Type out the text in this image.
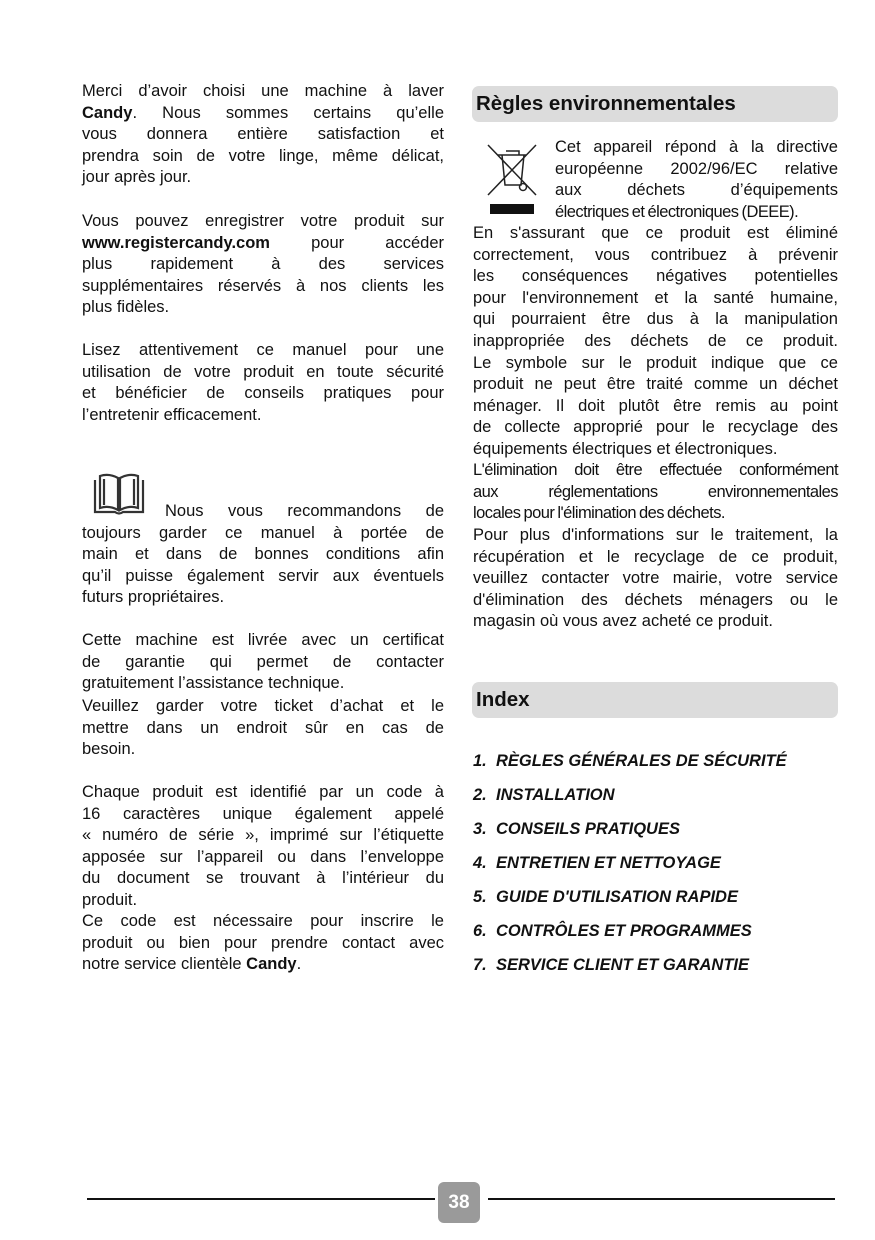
Merci d’avoir choisi une machine à laver
Candy. Nous sommes certains qu’elle
vous donnera entière satisfaction et
prendra soin de votre linge, même délicat,
jour après jour.
Vous pouvez enregistrer votre produit sur
www.registercandy.com pour accéder
plus rapidement à des services
supplémentaires réservés à nos clients les
plus fidèles.
Lisez attentivement ce manuel pour une
utilisation de votre produit en toute sécurité
et bénéficier de conseils pratiques pour
l’entretenir efficacement.
Nous vous recommandons de
toujours garder ce manuel à portée de
main et dans de bonnes conditions afin
qu’il puisse également servir aux éventuels
futurs propriétaires.
Cette machine est livrée avec un certificat
de garantie qui permet de contacter
gratuitement l’assistance technique.
Veuillez garder votre ticket d’achat et le
mettre dans un endroit sûr en cas de
besoin.
Chaque produit est identifié par un code à
16 caractères unique également appelé
« numéro de série », imprimé sur l’étiquette
apposée sur l’appareil ou dans l’enveloppe
du document se trouvant à l’intérieur du
produit.
Ce code est nécessaire pour inscrire le
produit ou bien pour prendre contact avec
notre service clientèle Candy.
Cet appareil répond à la directive
européenne 2002/96/EC relative
aux déchets d’équipements
électriques et électroniques (DEEE).
En s'assurant que ce produit est éliminé
correctement, vous contribuez à prévenir
les conséquences négatives potentielles
pour l'environnement et la santé humaine,
qui pourraient être dus à la manipulation
inappropriée des déchets de ce produit.
Le symbole sur le produit indique que ce
produit ne peut être traité comme un déchet
ménager. Il doit plutôt être remis au point
de collecte approprié pour le recyclage des
équipements électriques et électroniques.
L'élimination doit être effectuée conformément
aux réglementations environnementales
locales pour l'élimination des déchets.
Pour plus d'informations sur le traitement, la
récupération et le recyclage de ce produit,
veuillez contacter votre mairie, votre service
d'élimination des déchets ménagers ou le
magasin où vous avez acheté ce produit.
Règles environnementales
Index
1. RÈGLES GÉNÉRALES DE SÉCURITÉ
2. INSTALLATION
3. CONSEILS PRATIQUES
4. ENTRETIEN ET NETTOYAGE
5. GUIDE D'UTILISATION RAPIDE
6. CONTRÔLES ET PROGRAMMES
7. SERVICE CLIENT ET GARANTIE
38
